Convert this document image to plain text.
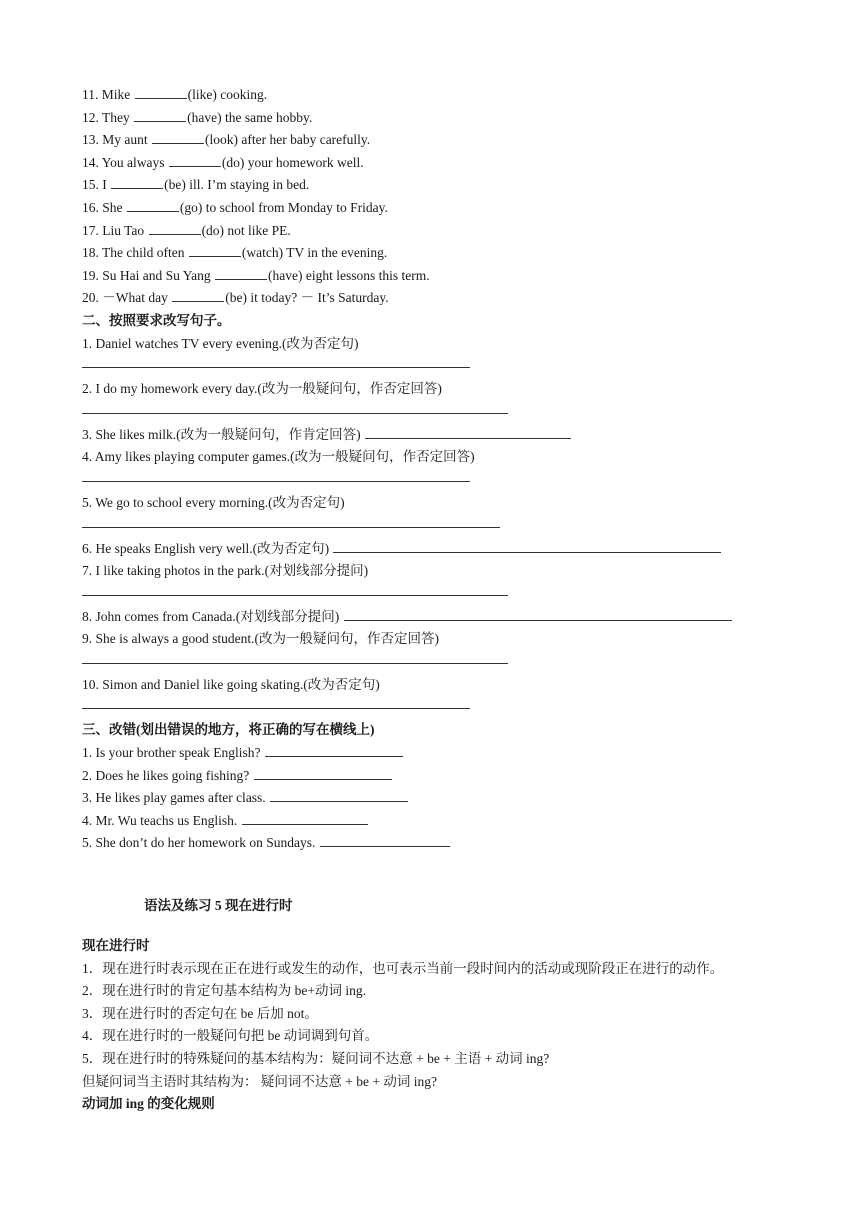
11. Mike	(like) cooking.
12. They	(have) the same hobby.
13. My aunt	(look) after her baby carefully.
14. You always	(do) your homework well.
15. I	(be) ill. I’m staying in bed.
16. She	(go) to school from Monday to Friday.
17. Liu Tao	(do) not like PE.
18. The child often	(watch) TV in the evening.
19. Su Hai and Su Yang	(have) eight lessons this term.
20. －What day	(be) it today? － It’s Saturday.
二、按照要求改写句子。
1. Daniel watches TV every evening.(改为否定句)
2. I do my homework every day.(改为一般疑问句，作否定回答)
3. She likes milk.(改为一般疑问句，作肯定回答)
4. Amy likes playing computer games.(改为一般疑问句，作否定回答)
5. We go to school every morning.(改为否定句)
6. He speaks English very well.(改为否定句)
7. I like taking photos in the park.(对划线部分提问)
8. John comes from Canada.(对划线部分提问)
9. She is always a good student.(改为一般疑问句，作否定回答)
10. Simon and Daniel like going skating.(改为否定句)
三、改错(划出错误的地方，将正确的写在横线上)
1. Is your brother speak English?
2. Does he likes going fishing?
3. He likes play games after class.
4. Mr. Wu teachs us English.
5. She don’t do her homework on Sundays.
语法及练习 5 现在进行时
现在进行时
1．现在进行时表示现在正在进行或发生的动作，也可表示当前一段时间内的活动或现阶段正在进行的动作。
2．现在进行时的肯定句基本结构为 be+动词 ing.
3．现在进行时的否定句在 be 后加 not。
4．现在进行时的一般疑问句把 be 动词调到句首。
5．现在进行时的特殊疑问的基本结构为：疑问词不达意 + be + 主语 + 动词 ing?
但疑问词当主语时其结构为： 疑问词不达意 + be + 动词 ing?
动词加 ing 的变化规则
